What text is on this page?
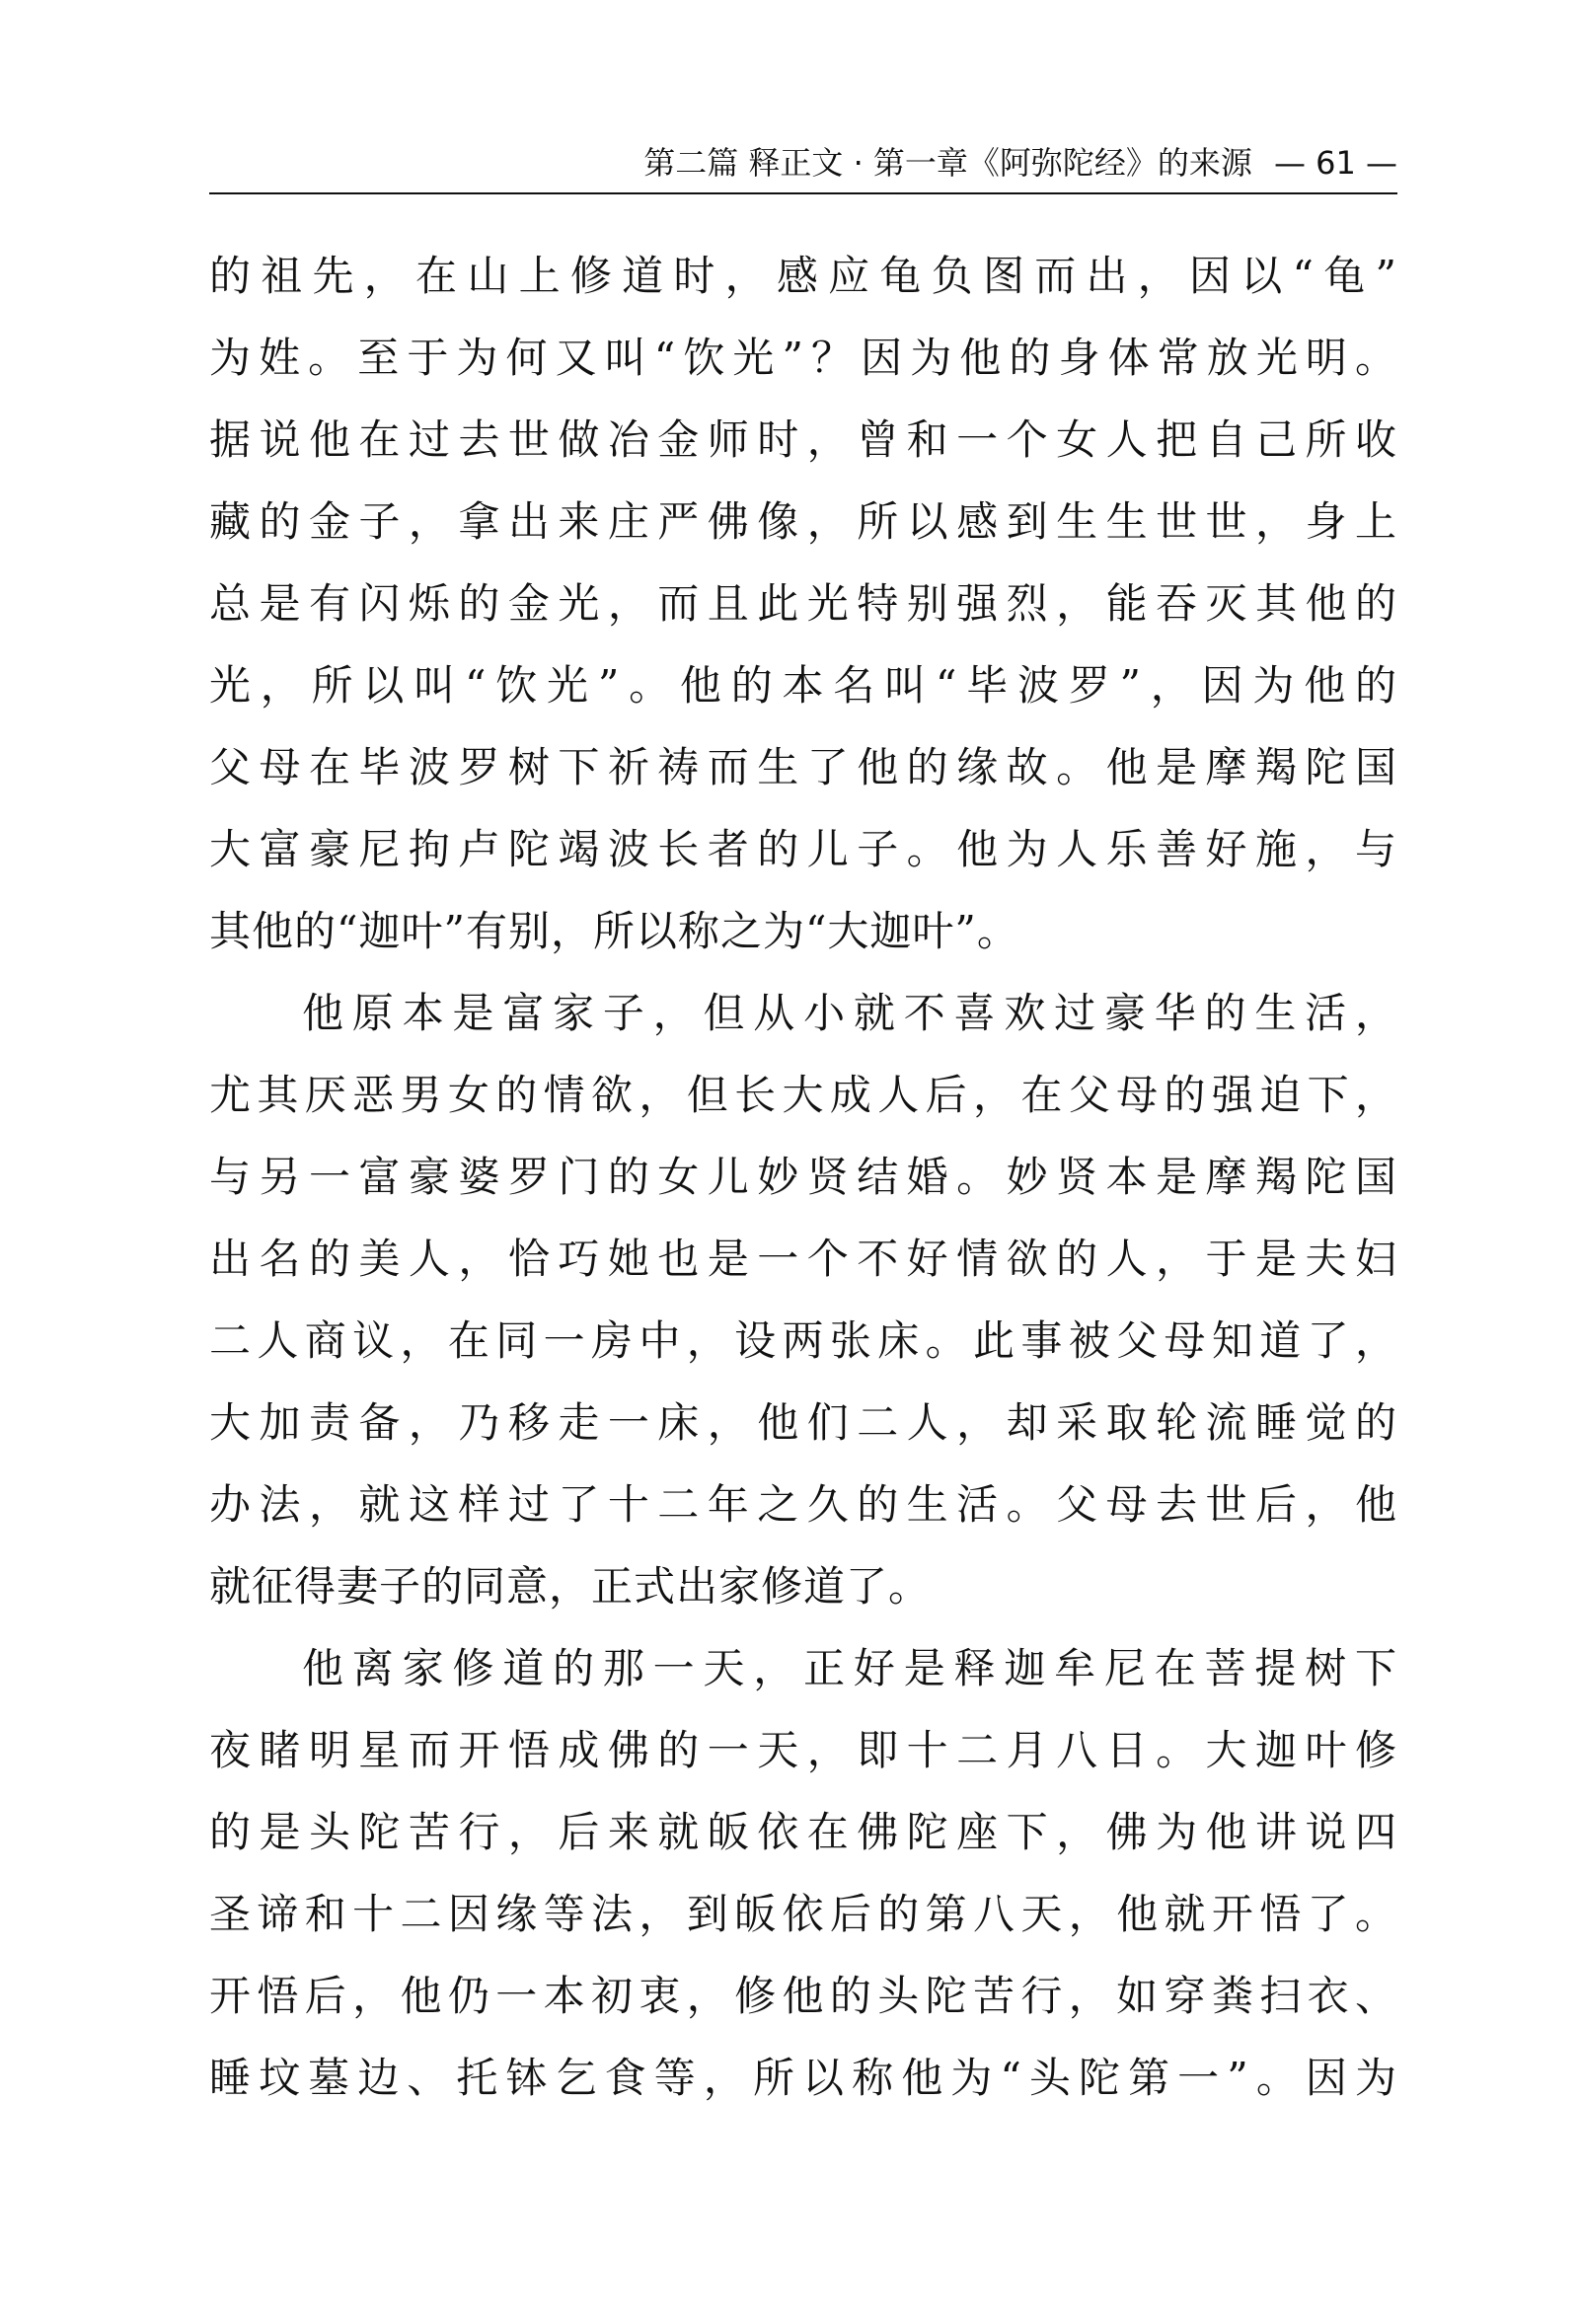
第二篇 释正文 · 第一章《阿弥陀经》的来源 — 61 —
的祖先，在山上修道时，感应龟负图而出，因以“龟”
为姓。至于为何又叫“饮光”？因为他的身体常放光明。
据说他在过去世做冶金师时，曾和一个女人把自己所收
藏的金子，拿出来庄严佛像，所以感到生生世世，身上
总是有闪烁的金光，而且此光特别强烈，能吞灭其他的
光，所以叫“饮光”。他的本名叫“毕波罗”，因为他的
父母在毕波罗树下祈祷而生了他的缘故。他是摩羯陀国
大富豪尼拘卢陀竭波长者的儿子。他为人乐善好施，与
其他的“迦叶”有别，所以称之为“大迦叶”。
他原本是富家子，但从小就不喜欢过豪华的生活，
尤其厌恶男女的情欲，但长大成人后，在父母的强迫下，
与另一富豪婆罗门的女儿妙贤结婚。妙贤本是摩羯陀国
出名的美人，恰巧她也是一个不好情欲的人，于是夫妇
二人商议，在同一房中，设两张床。此事被父母知道了，
大加责备，乃移走一床，他们二人，却采取轮流睡觉的
办法，就这样过了十二年之久的生活。父母去世后，他
就征得妻子的同意，正式出家修道了。
他离家修道的那一天，正好是释迦牟尼在菩提树下
夜睹明星而开悟成佛的一天，即十二月八日。大迦叶修
的是头陀苦行，后来就皈依在佛陀座下，佛为他讲说四
圣谛和十二因缘等法，到皈依后的第八天，他就开悟了。
开悟后，他仍一本初衷，修他的头陀苦行，如穿粪扫衣、
睡坟墓边、托钵乞食等，所以称他为“头陀第一”。因为
